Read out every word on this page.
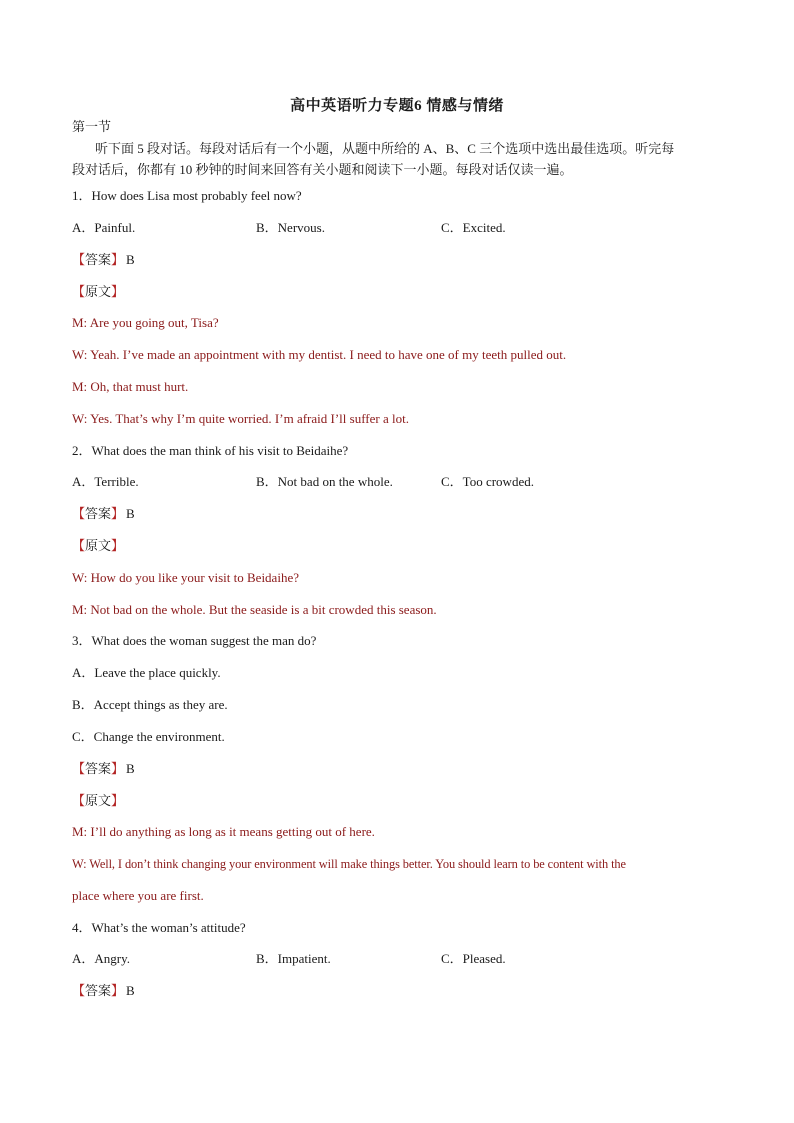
高中英语听力专题6 情感与情绪
第一节
听下面 5 段对话。每段对话后有一个小题，从题中所给的 A、B、C 三个选项中选出最佳选项。听完每
段对话后，你都有 10 秒钟的时间来回答有关小题和阅读下一小题。每段对话仅读一遍。
1．How does Lisa most probably feel now?
A．Painful.	B．Nervous.	C．Excited.
【答案】 B
【原文】
M: Are you going out, Tisa?
W: Yeah. I’ve made an appointment with my dentist. I need to have one of my teeth pulled out.
M: Oh, that must hurt.
W: Yes. That’s why I’m quite worried. I’m afraid I’ll suffer a lot.
2．What does the man think of his visit to Beidaihe?
A．Terrible.	B．Not bad on the whole.	C．Too crowded.
【答案】 B
【原文】
W: How do you like your visit to Beidaihe?
M: Not bad on the whole. But the seaside is a bit crowded this season.
3．What does the woman suggest the man do?
A．Leave the place quickly.
B．Accept things as they are.
C．Change the environment.
【答案】 B
【原文】
M: I’ll do anything as long as it means getting out of here.
W: Well, I don’t think changing your environment will make things better. You should learn to be content with the
place where you are first.
4．What’s the woman’s attitude?
A．Angry.	B．Impatient.	C．Pleased.
【答案】 B
